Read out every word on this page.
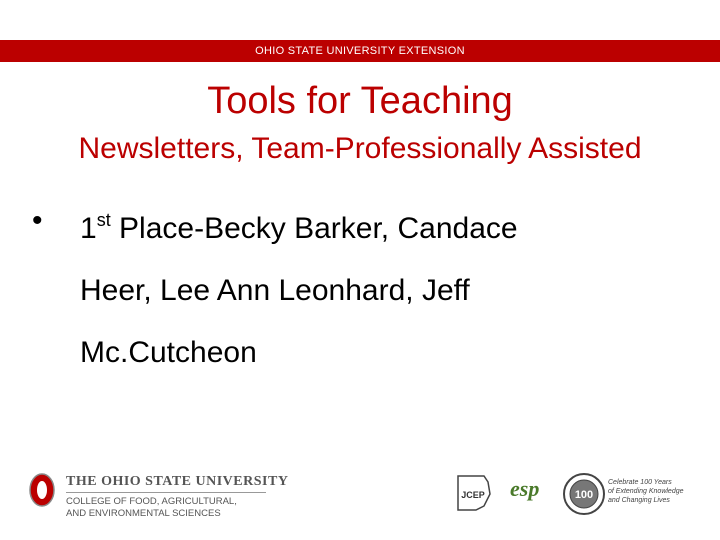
OHIO STATE UNIVERSITY EXTENSION
Tools for Teaching
Newsletters, Team-Professionally Assisted
• 1st Place-Becky Barker, Candace
Heer, Lee Ann Leonhard, Jeff
Mc.Cutcheon
THE OHIO STATE UNIVERSITY
COLLEGE OF FOOD, AGRICULTURAL,
AND ENVIRONMENTAL SCIENCES
JCEP esp	100
Celebrate 100 Years
of Extending Knowledge
and Changing Lives
